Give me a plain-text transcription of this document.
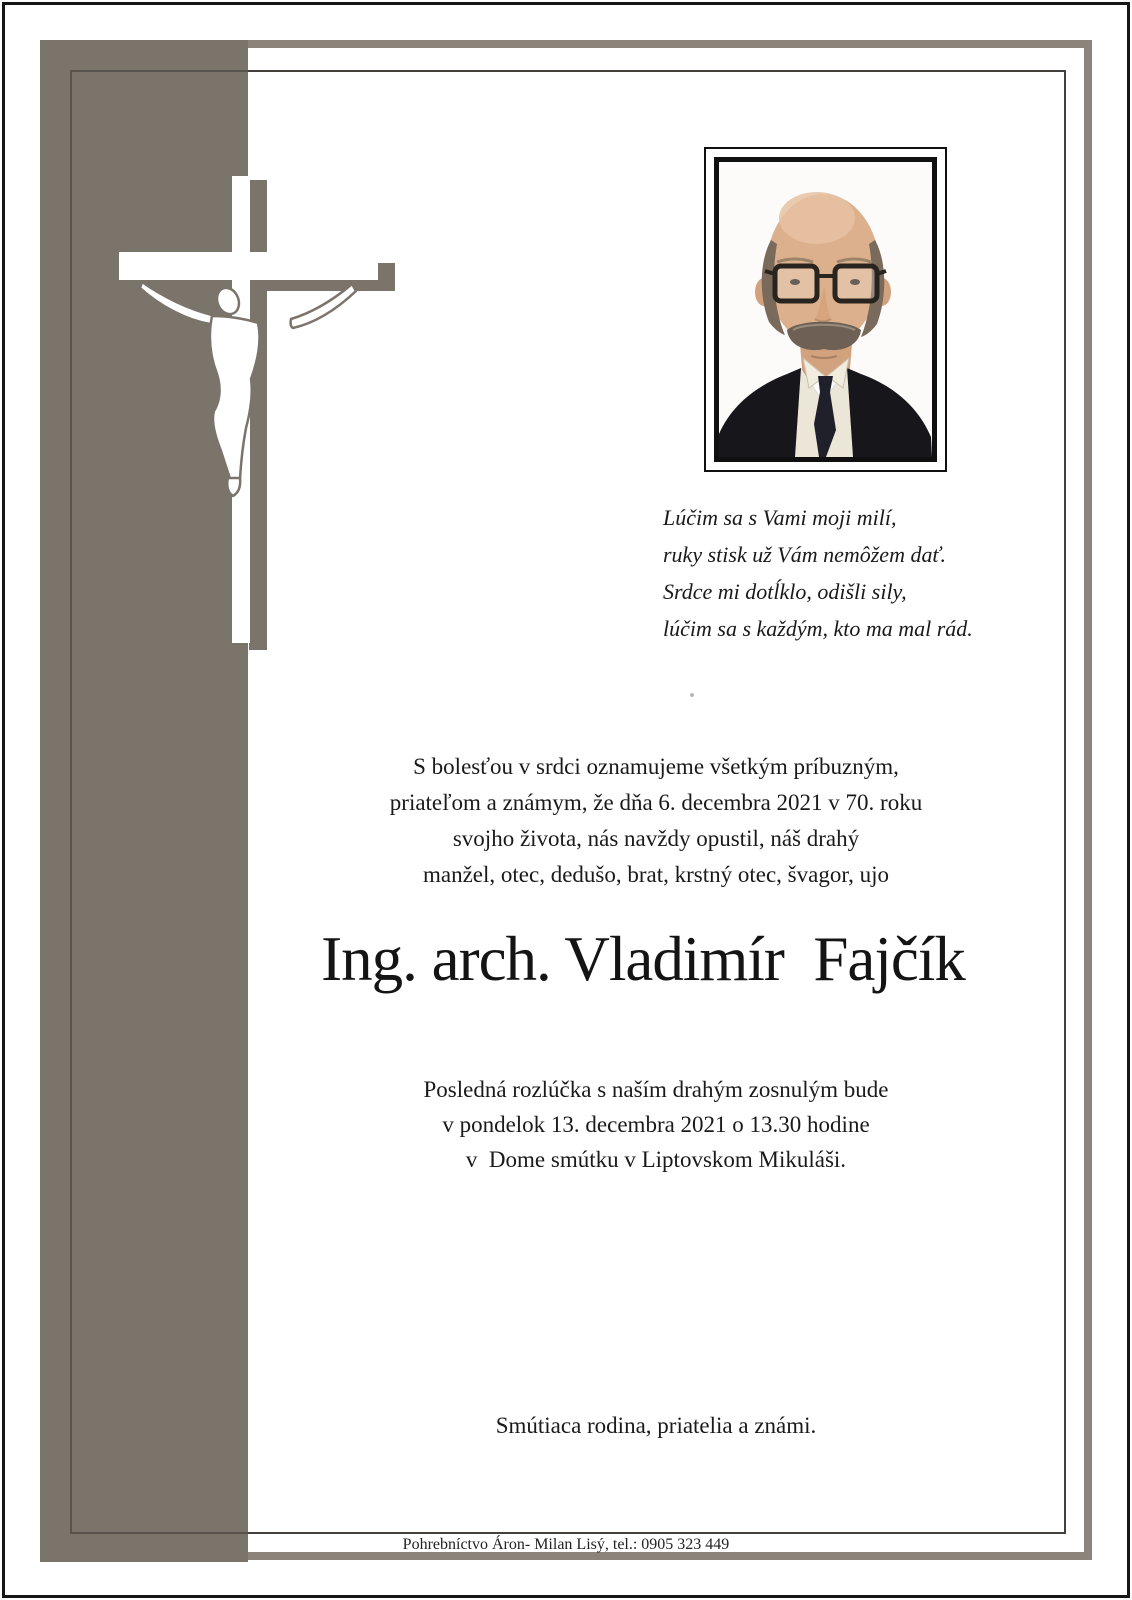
Lúčim sa s Vami moji milí,
ruky stisk už Vám nemôžem dať.
Srdce mi dotĺklo, odišli sily,
lúčim sa s každým, kto ma mal rád.
S bolesťou v srdci oznamujeme všetkým príbuzným,
priateľom a známym, že dňa 6. decembra 2021 v 70. roku
svojho života, nás navždy opustil, náš drahý
manžel, otec, dedušo, brat, krstný otec, švagor, ujo
Ing. arch. Vladimír  Fajčík
Posledná rozlúčka s naším drahým zosnulým bude
v pondelok 13. decembra 2021 o 13.30 hodine
v  Dome smútku v Liptovskom Mikuláši.
Smútiaca rodina, priatelia a známi.
Pohrebníctvo Áron- Milan Lisý, tel.: 0905 323 449
